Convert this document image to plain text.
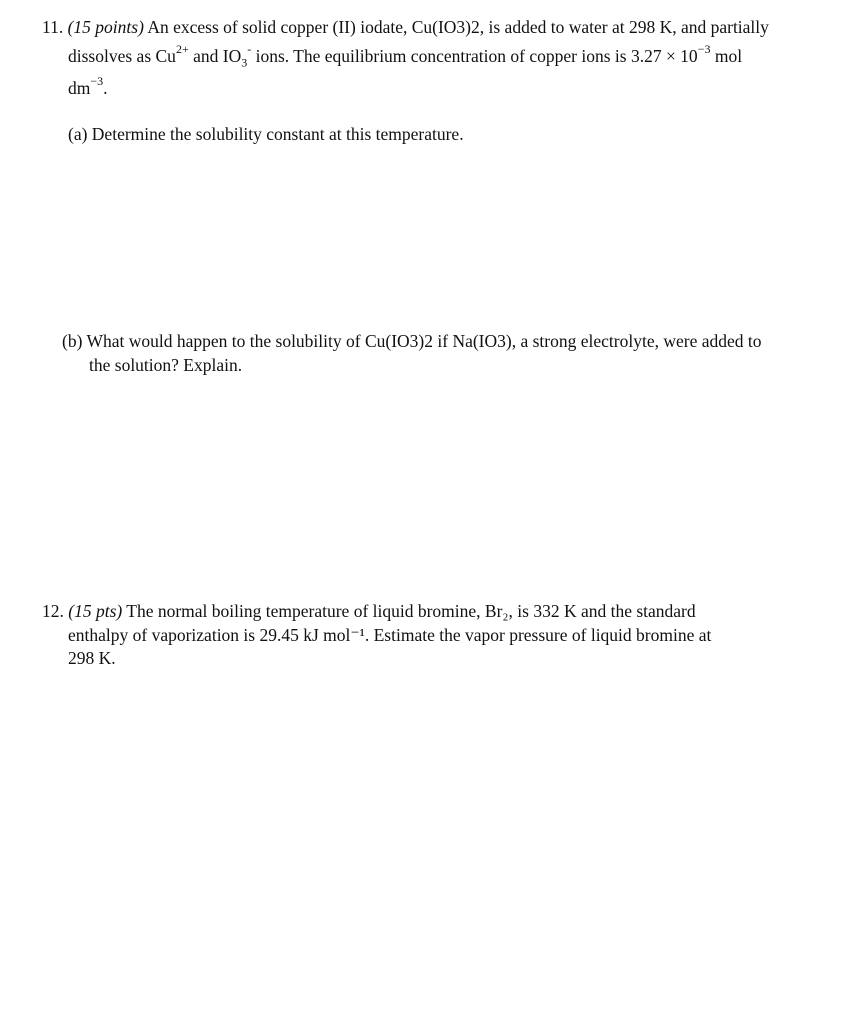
11. (15 points) An excess of solid copper (II) iodate, Cu(IO3)2, is added to water at 298 K, and partially
dissolves as $Cu^{2+}$ and $IO_3^-$ ions. The equilibrium concentration of copper ions is $3.27 \times 10^{-3}$ mol
$dm^{-3}$.
(a) Determine the solubility constant at this temperature.
(b) What would happen to the solubility of Cu(IO3)2 if Na(IO3), a strong electrolyte, were added to
the solution? Explain.
12. (15 pts) The normal boiling temperature of liquid bromine, Br₂, is 332 K and the standard
enthalpy of vaporization is 29.45 kJ mol⁻¹. Estimate the vapor pressure of liquid bromine at
298 K.
